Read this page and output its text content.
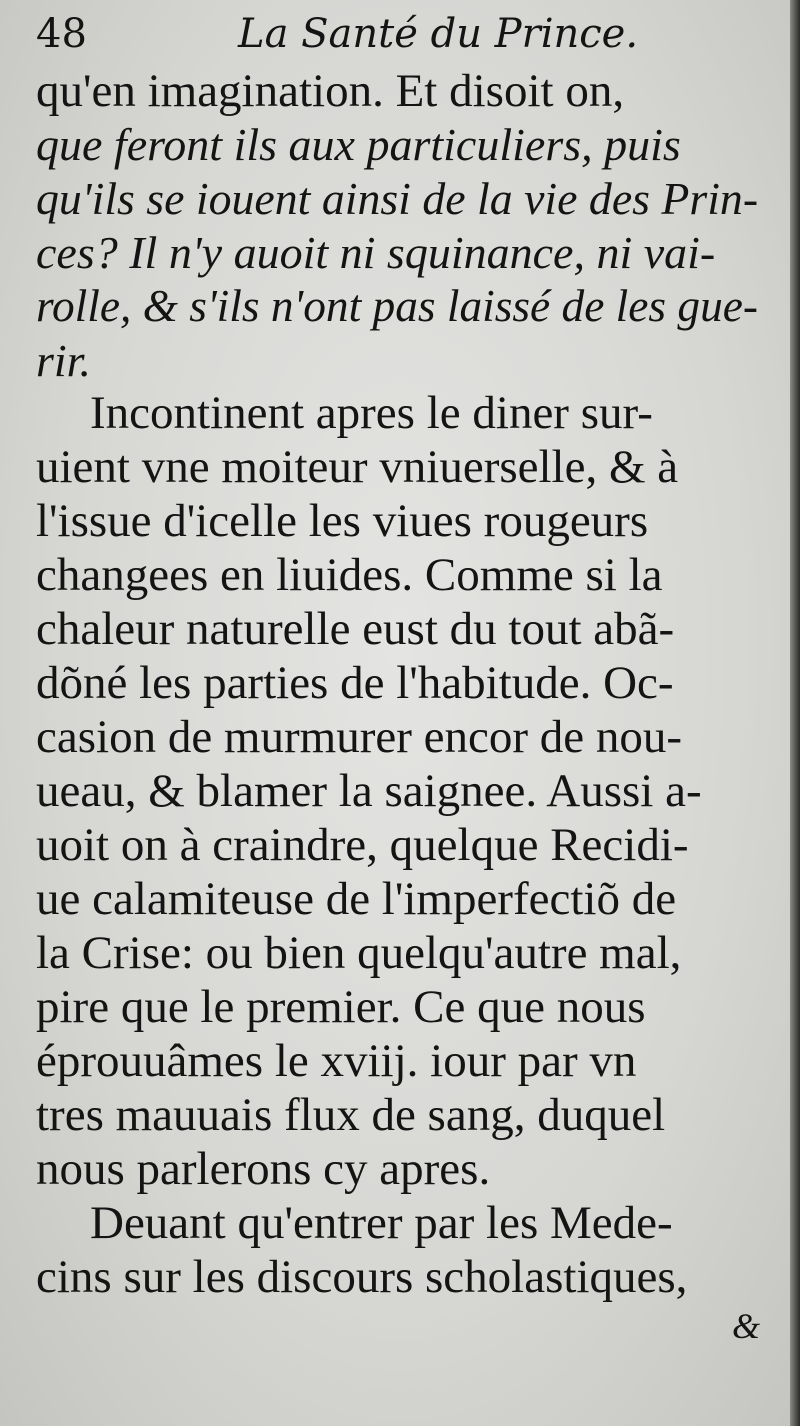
48	La Santé du Prince.
qu'en imagination. Et disoit on,
que feront ils aux particuliers, puis
qu'ils se iouent ainsi de la vie des Prin-
ces? Il n'y auoit ni squinance, ni vai-
rolle, & s'ils n'ont pas laissé de les gue-
rir.
Incontinent apres le diner sur-
uient vne moiteur vniuerselle, & à
l'issue d'icelle les viues rougeurs
changees en liuides. Comme si la
chaleur naturelle eust du tout abã-
dõné les parties de l'habitude. Oc-
casion de murmurer encor de nou-
ueau, & blamer la saignee. Aussi a-
uoit on à craindre, quelque Recidi-
ue calamiteuse de l'imperfectiõ de
la Crise: ou bien quelqu'autre mal,
pire que le premier. Ce que nous
éprouuâmes le xviij. iour par vn
tres mauuais flux de sang, duquel
nous parlerons cy apres.
Deuant qu'entrer par les Mede-
cins sur les discours scholastiques,
&
